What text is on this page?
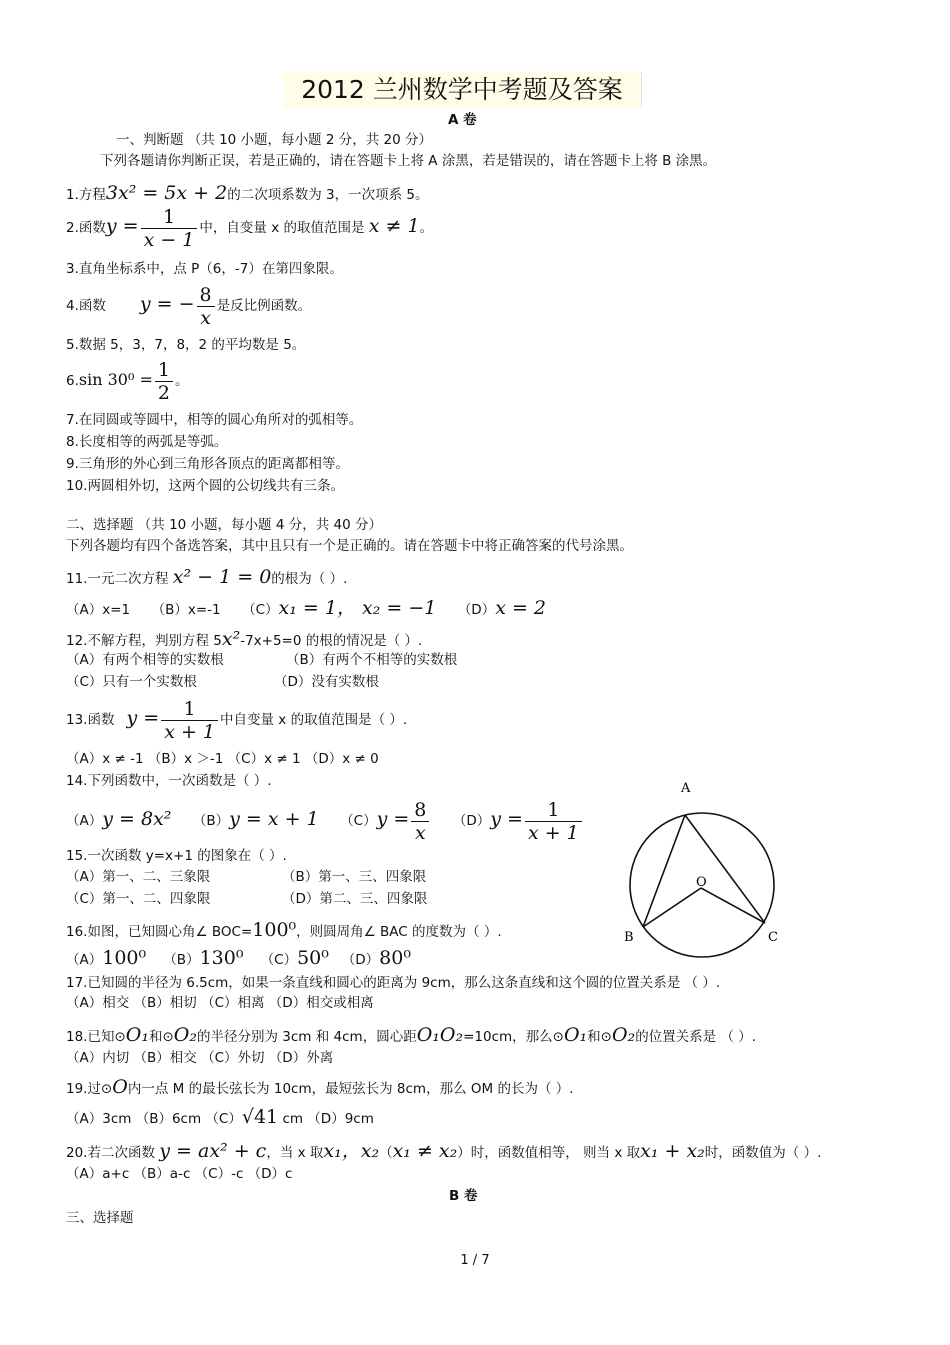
2012 兰州数学中考题及答案
A 卷
一、判断题 （共 10 小题，每小题 2 分，共 20 分）
下列各题请你判断正误，若是正确的，请在答题卡上将 A 涂黑，若是错误的，请在答题卡上将 B 涂黑。
1.方程3x² = 5x + 2的二次项系数为 3，一次项系 5。
2.函数$y = \frac{1}{x - 1}$ 中，自变量 x 的取值范围是 x ≠ 1。
3.直角坐标系中，点 P（6，-7）在第四象限。
4.函数 y = − $\frac{8}{x}$ 是反比例函数。
5.数据 5，3，7，8，2 的平均数是 5。
6.sin $30^0 = \frac{1}{2}$ 。
7.在同圆或等圆中，相等的圆心角所对的弧相等。
8.长度相等的两弧是等弧。
9.三角形的外心到三角形各顶点的距离都相等。
10.两圆相外切，这两个圆的公切线共有三条。
二、选择题 （共 10 小题，每小题 4 分，共 40 分）
下列各题均有四个备选答案，其中且只有一个是正确的。请在答题卡中将正确答案的代号涂黑。
11.一元二次方程 x² − 1 = 0的根为（ ）.
（A）x=1 （B）x=-1 （C）x₁ = 1， x₂ = −1 （D）x = 2
12.不解方程，判别方程 5x²-7x+5=0 的根的情况是（ ）.
（A）有两个相等的实数根	（B）有两个不相等的实数根
（C）只有一个实数根	（D）没有实数根
13.函数 $y = \frac{1}{x + 1}$ 中自变量 x 的取值范围是（ ）.
（A）x ≠ -1 （B）x ＞-1 （C）x ≠ 1 （D）x ≠ 0
14.下列函数中，一次函数是（ ）.
（A）y = 8x² （B）y = x + 1 $(C)y = \frac{8}{x} (D)y = \frac{1}{x + 1}$
15.一次函数 y=x+1 的图象在（ ）.
（A）第一、二、三象限	（B）第一、三、四象限
（C）第一、二、四象限	（D）第二、三、四象限
16.如图，已知圆心角∠ BOC=100⁰，则圆周角∠ BAC 的度数为（ ）.
（A）100⁰ （B）130⁰ （C）50⁰ （D）80⁰
17.已知圆的半径为 6.5cm，如果一条直线和圆心的距离为 9cm，那么这条直线和这个圆的位置关系是 （ ）.
（A）相交 （B）相切 （C）相离 （D）相交或相离
18.已知⊙O₁和⊙O₂的半径分别为 3cm 和 4cm，圆心距O₁O₂=10cm，那么⊙O₁和⊙O₂的位置关系是 （ ）.
（A）内切 （B）相交 （C）外切 （D）外离
19.过⊙O内一点 M 的最长弦长为 10cm，最短弦长为 8cm，那么 OM 的长为（ ）.
（A）3cm （B）6cm （C）√41 cm （D）9cm
20.若二次函数 y = ax² + c，当 x 取x₁，x₂（x₁ ≠ x₂）时，函数值相等， 则当 x 取x₁ + x₂时，函数值为（ ）.
（A）a+c （B）a-c （C）-c （D）c
B 卷
三、选择题
A
O
B	C
1 / 7
